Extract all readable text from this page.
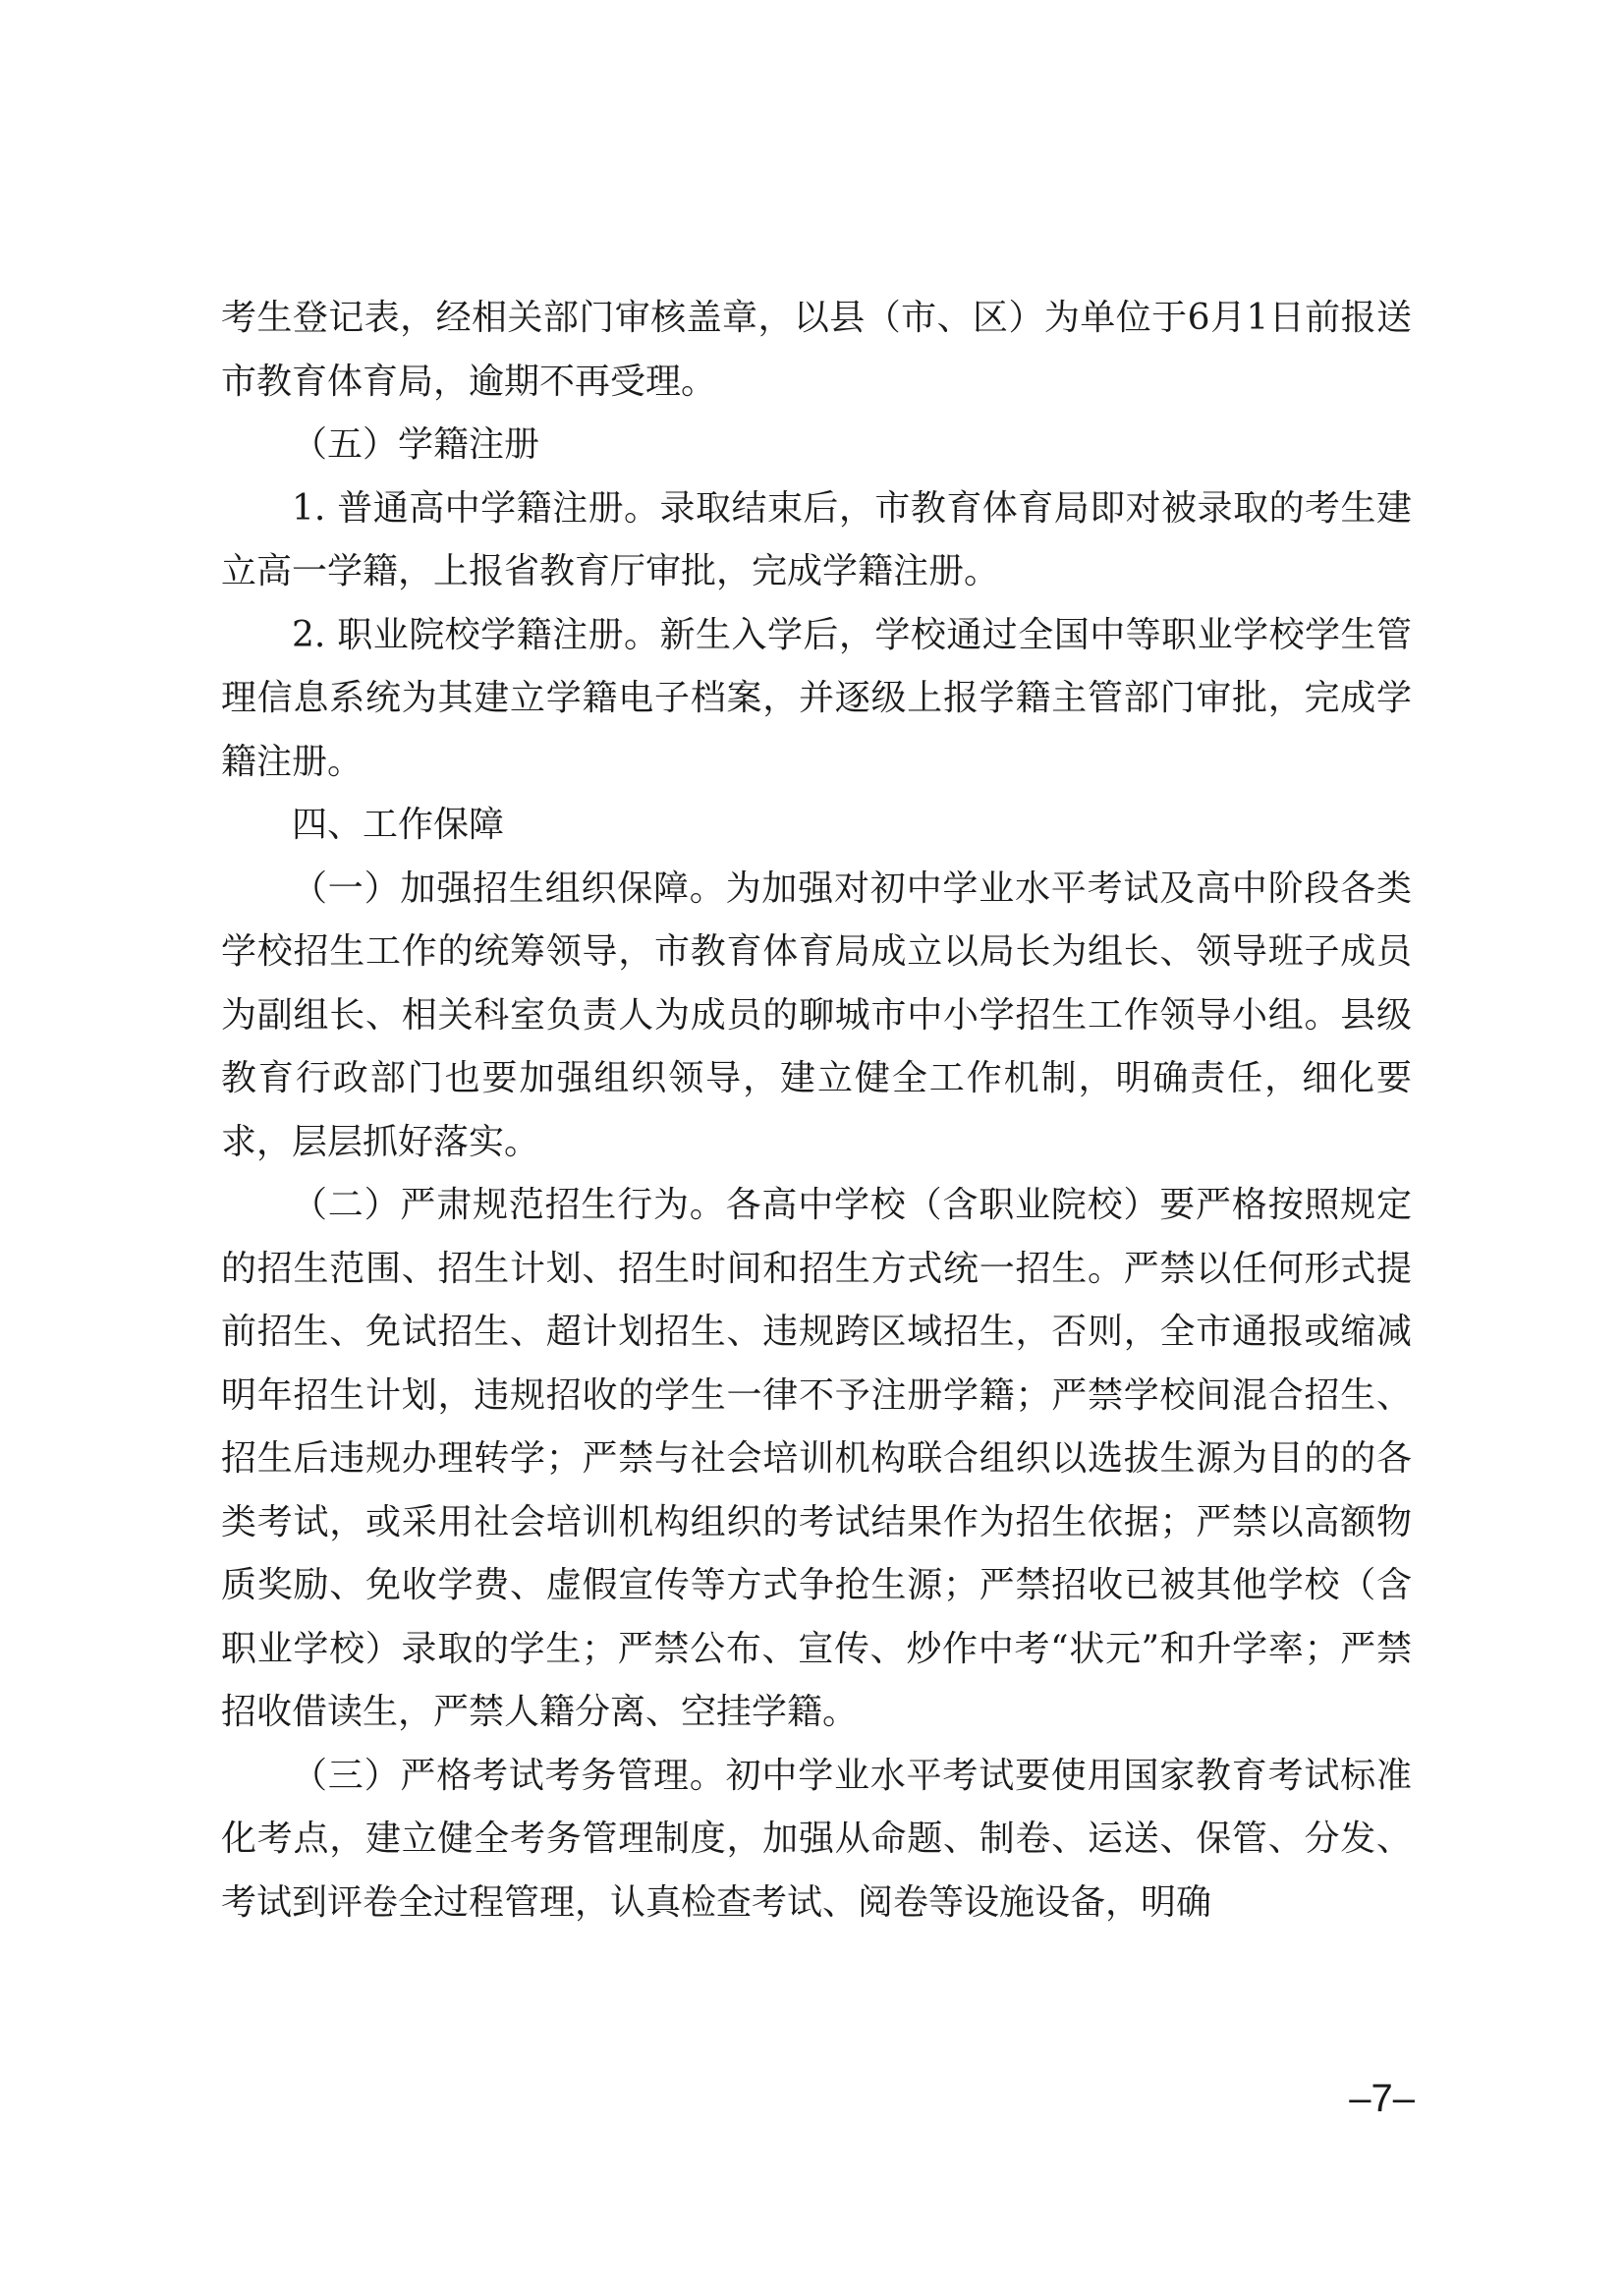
考生登记表，经相关部门审核盖章，以县（市、区）为单位于6月1日前报送市教育体育局，逾期不再受理。

（五）学籍注册

1. 普通高中学籍注册。录取结束后，市教育体育局即对被录取的考生建立高一学籍，上报省教育厅审批，完成学籍注册。

2. 职业院校学籍注册。新生入学后，学校通过全国中等职业学校学生管理信息系统为其建立学籍电子档案，并逐级上报学籍主管部门审批，完成学籍注册。

四、工作保障

（一）加强招生组织保障。为加强对初中学业水平考试及高中阶段各类学校招生工作的统筹领导，市教育体育局成立以局长为组长、领导班子成员为副组长、相关科室负责人为成员的聊城市中小学招生工作领导小组。县级教育行政部门也要加强组织领导，建立健全工作机制，明确责任，细化要求，层层抓好落实。

（二）严肃规范招生行为。各高中学校（含职业院校）要严格按照规定的招生范围、招生计划、招生时间和招生方式统一招生。严禁以任何形式提前招生、免试招生、超计划招生、违规跨区域招生，否则，全市通报或缩减明年招生计划，违规招收的学生一律不予注册学籍；严禁学校间混合招生、招生后违规办理转学；严禁与社会培训机构联合组织以选拔生源为目的的各类考试，或采用社会培训机构组织的考试结果作为招生依据；严禁以高额物质奖励、免收学费、虚假宣传等方式争抢生源；严禁招收已被其他学校（含职业学校）录取的学生；严禁公布、宣传、炒作中考“状元”和升学率；严禁招收借读生，严禁人籍分离、空挂学籍。

（三）严格考试考务管理。初中学业水平考试要使用国家教育考试标准化考点，建立健全考务管理制度，加强从命题、制卷、运送、保管、分发、考试到评卷全过程管理，认真检查考试、阅卷等设施设备，明确

–7–
